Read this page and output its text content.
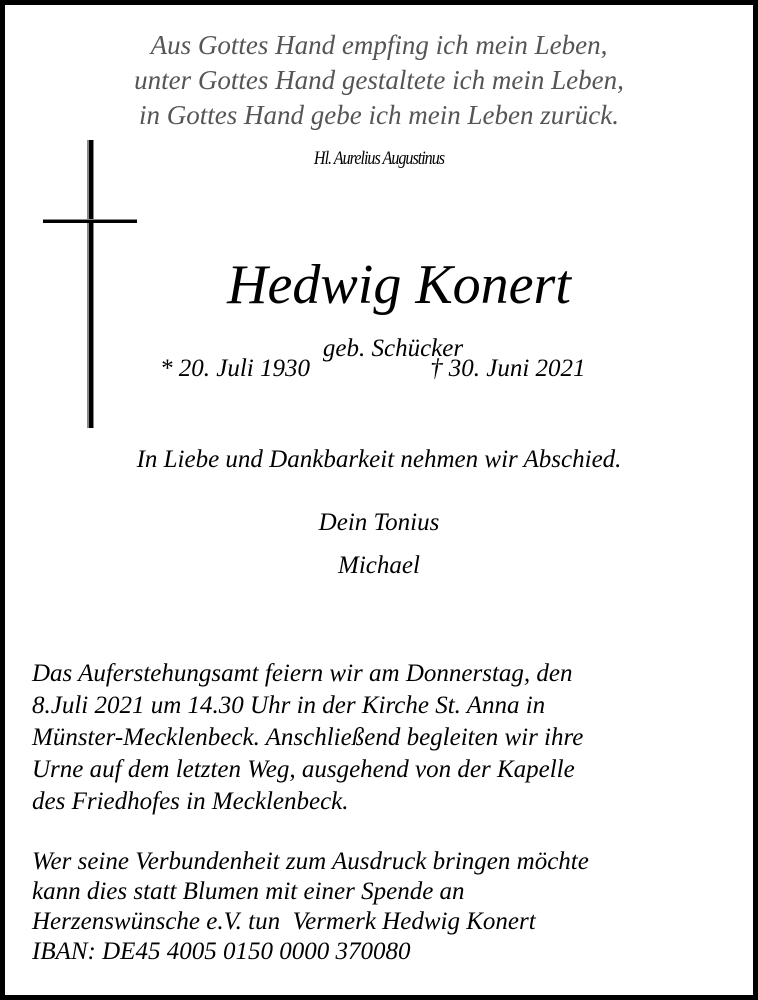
Aus Gottes Hand empfing ich mein Leben,
unter Gottes Hand gestaltete ich mein Leben,
in Gottes Hand gebe ich mein Leben zurück.
Hl. Aurelius Augustinus
Hedwig Konert
geb. Schücker
* 20. Juli 1930	† 30. Juni 2021
In Liebe und Dankbarkeit nehmen wir Abschied.
Dein Tonius
Michael
Das Auferstehungsamt feiern wir am Donnerstag, den
8.Juli 2021 um 14.30 Uhr in der Kirche St. Anna in
Münster-Mecklenbeck. Anschließend begleiten wir ihre
Urne auf dem letzten Weg, ausgehend von der Kapelle
des Friedhofes in Mecklenbeck.
Wer seine Verbundenheit zum Ausdruck bringen möchte
kann dies statt Blumen mit einer Spende an
Herzenswünsche e.V. tun  Vermerk Hedwig Konert
IBAN: DE45 4005 0150 0000 370080
